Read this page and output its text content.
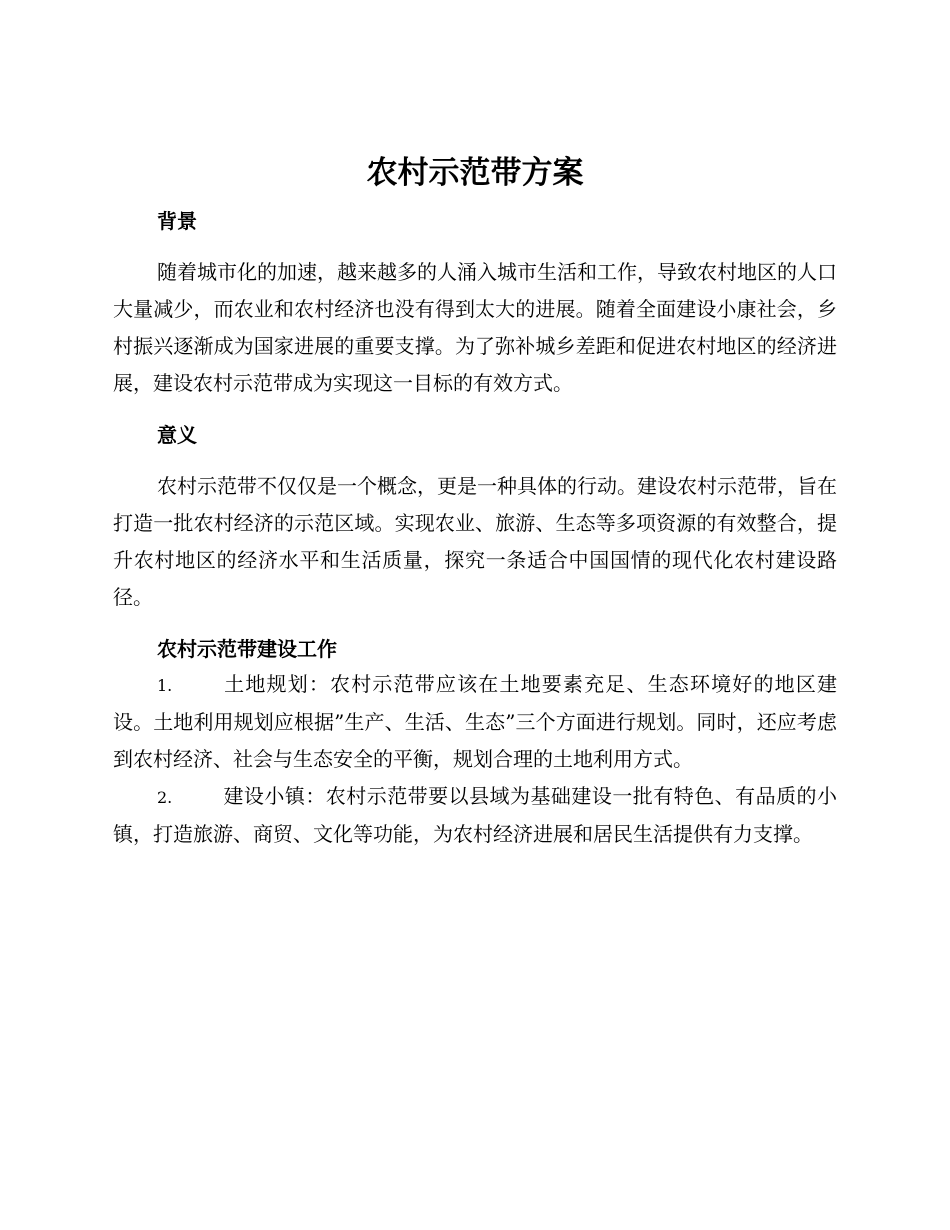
农村示范带方案
背景

随着城市化的加速，越来越多的人涌入城市生活和工作，导致农村地区的人口大量减少，而农业和农村经济也没有得到太大的进展。随着全面建设小康社会，乡村振兴逐渐成为国家进展的重要支撑。为了弥补城乡差距和促进农村地区的经济进展，建设农村示范带成为实现这一目标的有效方式。

意义

农村示范带不仅仅是一个概念，更是一种具体的行动。建设农村示范带，旨在打造一批农村经济的示范区域。实现农业、旅游、生态等多项资源的有效整合，提升农村地区的经济水平和生活质量，探究一条适合中国国情的现代化农村建设路径。

农村示范带建设工作

1.	土地规划：农村示范带应该在土地要素充足、生态环境好的地区建设。土地利用规划应根据”生产、生活、生态”三个方面进行规划。同时，还应考虑到农村经济、社会与生态安全的平衡，规划合理的土地利用方式。

2.	建设小镇：农村示范带要以县域为基础建设一批有特色、有品质的小镇，打造旅游、商贸、文化等功能，为农村经济进展和居民生活提供有力支撑。
